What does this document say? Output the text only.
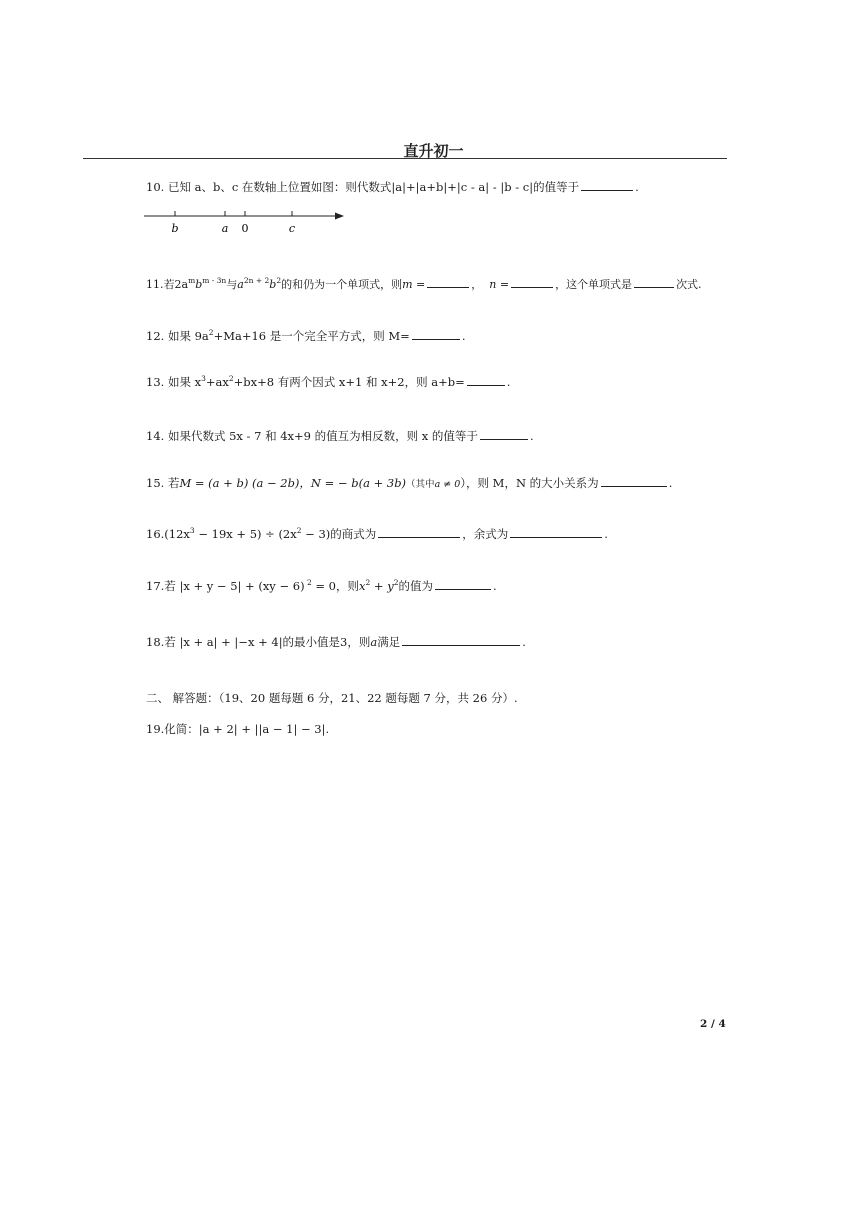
直升初一
10. 已知 a、b、c 在数轴上位置如图：则代数式|a|+|a+b|+|c - a| - |b - c|的值等于	.
b	a 0	c
11.若$2a^mb^{m - 3n}$与$a^{2n + 2}b^2$的和仍为一个单项式，则m =	， n =	，这个单项式是	次式.
12. 如果 $9a^2+Ma+16$ 是一个完全平方式，则 M=	.
13. 如果 $x^3+ax^2+bx+8$ 有两个因式 x+1 和 x+2，则 a+b=	.
14. 如果代数式 5x - 7 和 4x+9 的值互为相反数，则 x 的值等于	.
15. 若M = (a + b) (a − 2b)，N = − b(a + 3b)（其中a ≠ 0），则 M，N 的大小关系为	.
$16.(12x^3 - 19x + 5) \div (2x^2 - 3)$的商式为	，余式为	.
17.若 |x + y − 5| + (xy − 6) $^2$ = 0，则$x^2 + y^2$的值为	.
18.若 |x + a| + |−x + 4|的最小值是3，则a满足	.
二、 解答题：（19、20 题每题 6 分，21、22 题每题 7 分，共 26 分）.
19.化简：|a + 2| + ||a − 1| − 3|.
2 / 4
